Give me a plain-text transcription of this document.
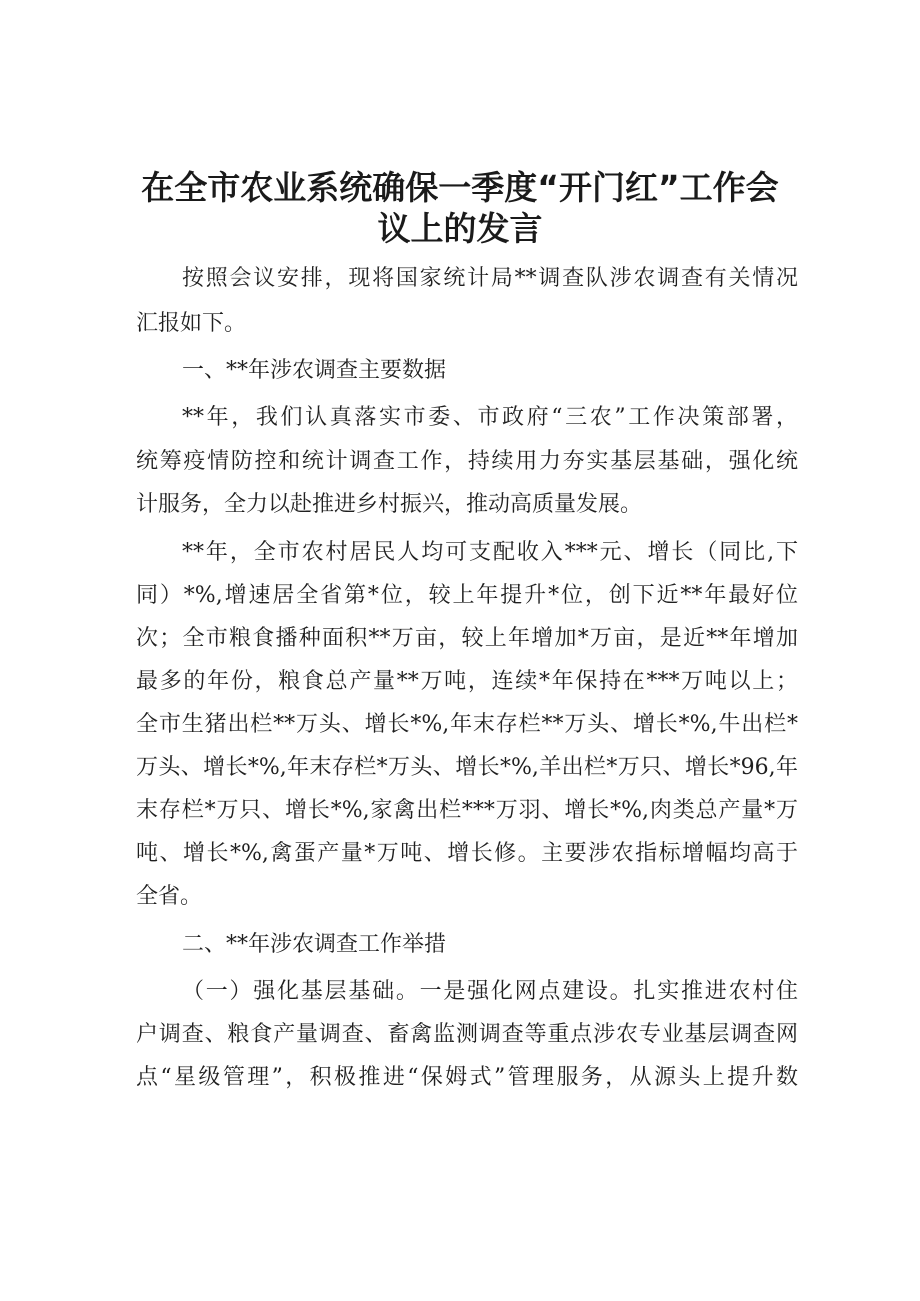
在全市农业系统确保一季度“开门红”工作会
议上的发言

按照会议安排，现将国家统计局**调查队涉农调查有关情况

汇报如下。

一、**年涉农调查主要数据

**年，我们认真落实市委、市政府“三农”工作决策部署，

统筹疫情防控和统计调查工作，持续用力夯实基层基础，强化统

计服务，全力以赴推进乡村振兴，推动高质量发展。

**年，全市农村居民人均可支配收入***元、增长（同比,下

同）*%,增速居全省第*位，较上年提升*位，创下近**年最好位

次；全市粮食播种面积**万亩，较上年增加*万亩，是近**年增加

最多的年份，粮食总产量**万吨，连续*年保持在***万吨以上；

全市生猪出栏**万头、增长*%,年末存栏**万头、增长*%,牛出栏*

万头、增长*%,年末存栏*万头、增长*%,羊出栏*万只、增长*96,年

末存栏*万只、增长*%,家禽出栏***万羽、增长*%,肉类总产量*万

吨、增长*%,禽蛋产量*万吨、增长修。主要涉农指标增幅均高于

全省。

二、**年涉农调查工作举措

（一）强化基层基础。一是强化网点建设。扎实推进农村住

户调查、粮食产量调查、畜禽监测调查等重点涉农专业基层调查网

点“星级管理”，积极推进“保姆式”管理服务，从源头上提升数
